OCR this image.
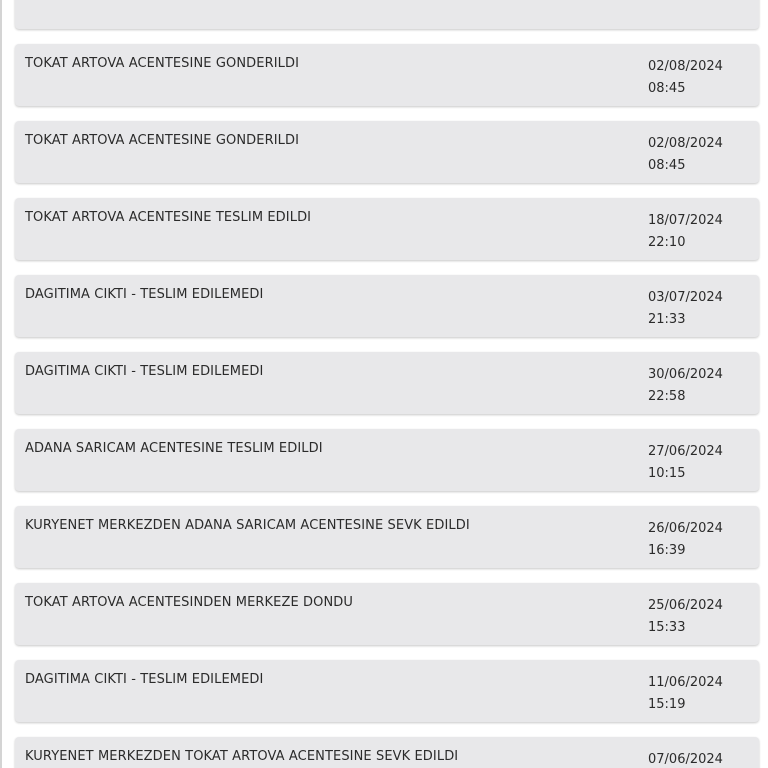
TOKAT ARTOVA ACENTESINE GONDERILDI	02/08/2024
08:45
TOKAT ARTOVA ACENTESINE GONDERILDI	02/08/2024
08:45
TOKAT ARTOVA ACENTESINE TESLIM EDILDI	18/07/2024
22:10
DAGITIMA CIKTI - TESLIM EDILEMEDI	03/07/2024
21:33
DAGITIMA CIKTI - TESLIM EDILEMEDI	30/06/2024
22:58
ADANA SARICAM ACENTESINE TESLIM EDILDI	27/06/2024
10:15
KURYENET MERKEZDEN ADANA SARICAM ACENTESINE SEVK EDILDI	26/06/2024
16:39
TOKAT ARTOVA ACENTESINDEN MERKEZE DONDU	25/06/2024
15:33
DAGITIMA CIKTI - TESLIM EDILEMEDI	11/06/2024
15:19
KURYENET MERKEZDEN TOKAT ARTOVA ACENTESINE SEVK EDILDI	07/06/2024
